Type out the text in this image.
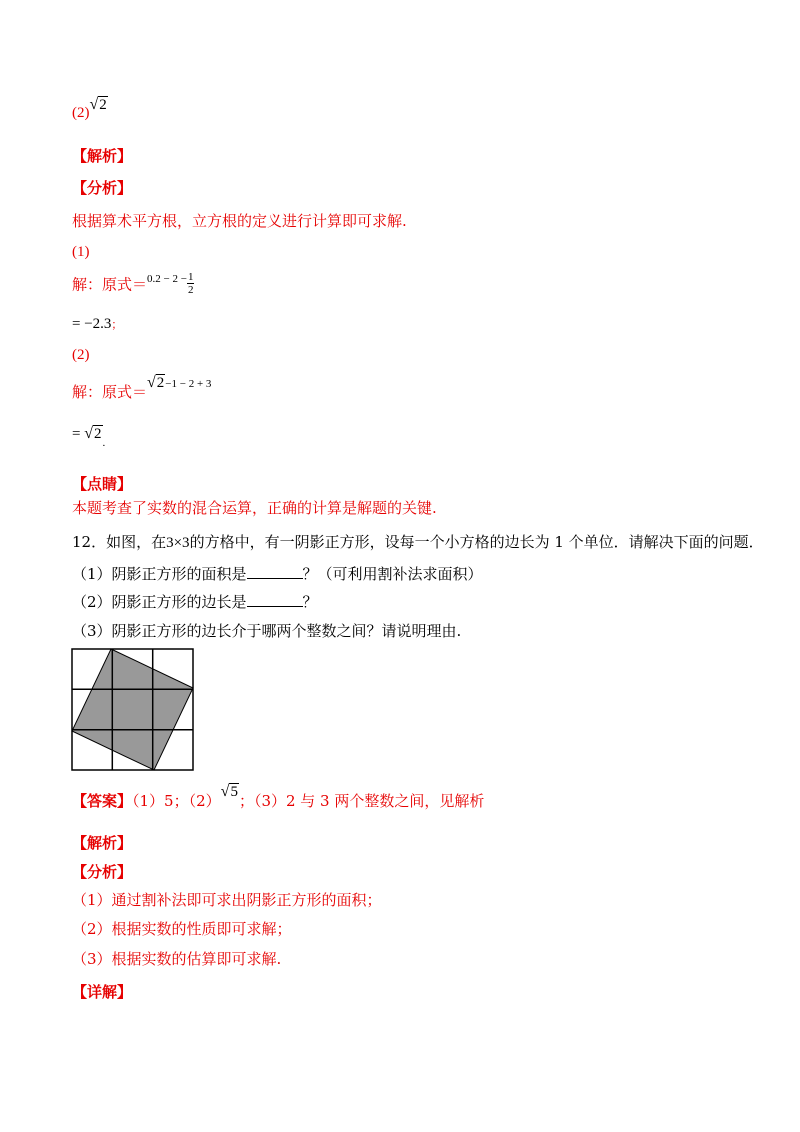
(2)√2
【解析】
【分析】
根据算术平方根，立方根的定义进行计算即可求解.
(1)
解：原式$=^{0.2 - 2 -} \frac{1}{2}$
= −2.3；
(2)
解：原式＝√2−1 − 2 + 3
= $√2_.$
【点睛】
本题考查了实数的混合运算，正确的计算是解题的关键.
12．如图，在3×3的方格中，有一阴影正方形，设每一个小方格的边长为 1 个单位．请解决下面的问题．
（1）阴影正方形的面积是	？（可利用割补法求面积）
（2）阴影正方形的边长是	？
（3）阴影正方形的边长介于哪两个整数之间？请说明理由.
【答案】（1）5；（2）√5；（3）2 与 3 两个整数之间，见解析
【解析】
【分析】
（1）通过割补法即可求出阴影正方形的面积；
（2）根据实数的性质即可求解；
（3）根据实数的估算即可求解.
【详解】
